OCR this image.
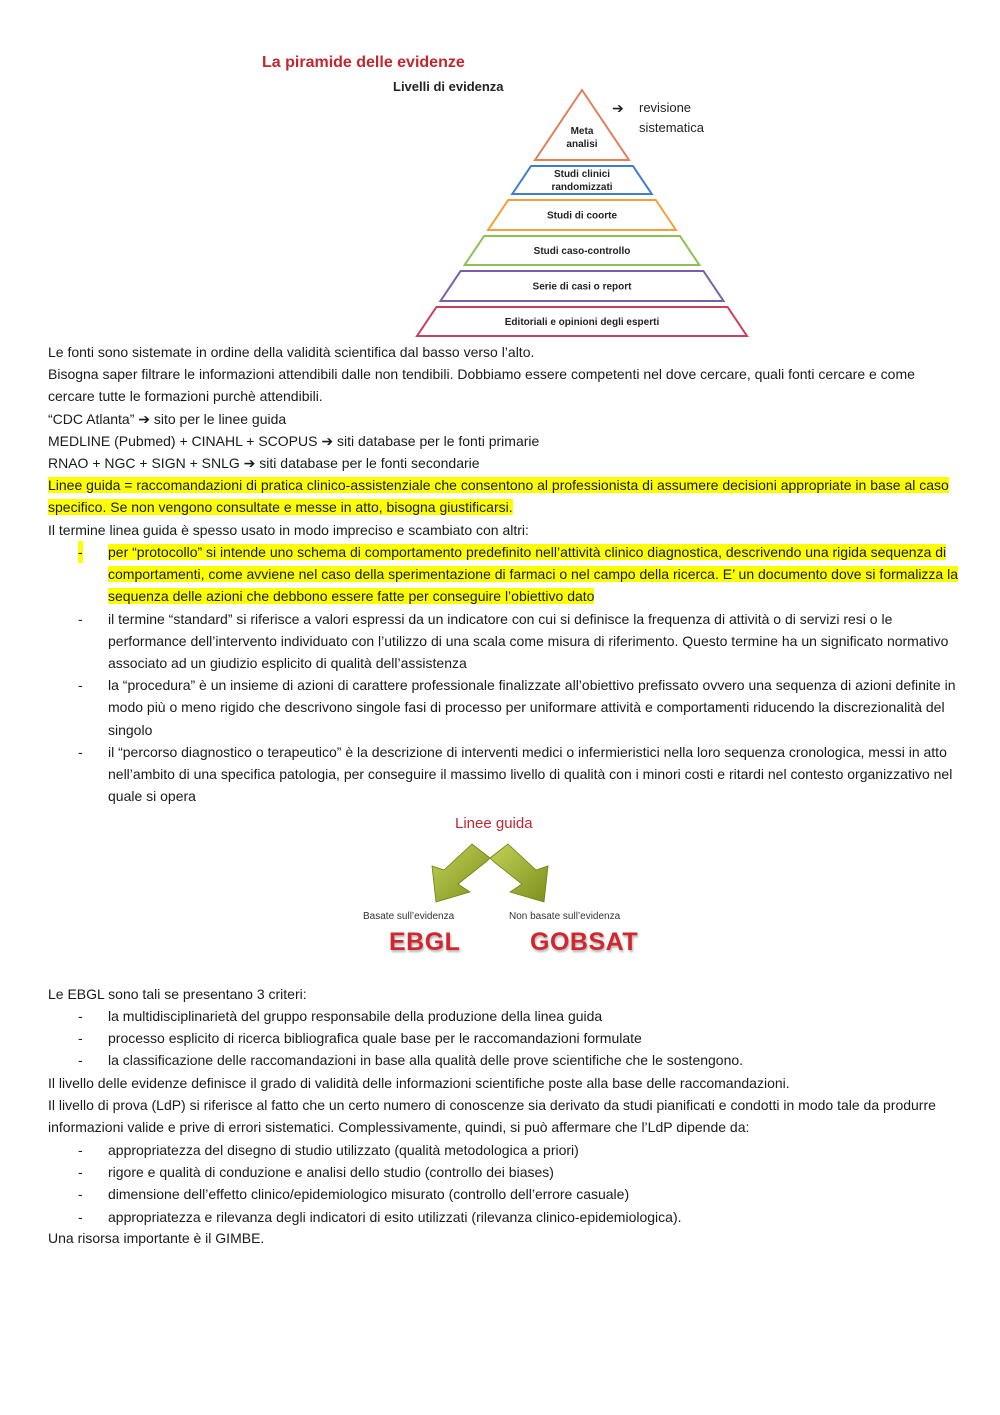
La piramide delle evidenze
Livelli di evidenza
Meta analisi
Studi clinici randomizzati
Studi di coorte
Studi caso-controllo
Serie di casi o report
Editoriali e opinioni degli esperti
➔ revisione sistematica
Le fonti sono sistemate in ordine della validità scientifica dal basso verso l’alto.
Bisogna saper filtrare le informazioni attendibili dalle non tendibili. Dobbiamo essere competenti nel dove cercare, quali fonti cercare e come cercare tutte le formazioni purchè attendibili.
“CDC Atlanta” ➔ sito per le linee guida
MEDLINE (Pubmed) + CINAHL + SCOPUS ➔ siti database per le fonti primarie
RNAO + NGC + SIGN + SNLG ➔ siti database per le fonti secondarie
Linee guida = raccomandazioni di pratica clinico-assistenziale che consentono al professionista di assumere decisioni appropriate in base al caso specifico. Se non vengono consultate e messe in atto, bisogna giustificarsi.
Il termine linea guida è spesso usato in modo impreciso e scambiato con altri:
- per “protocollo” si intende uno schema di comportamento predefinito nell’attività clinico diagnostica, descrivendo una rigida sequenza di comportamenti, come avviene nel caso della sperimentazione di farmaci o nel campo della ricerca. E’ un documento dove si formalizza la sequenza delle azioni che debbono essere fatte per conseguire l’obiettivo dato
- il termine “standard” si riferisce a valori espressi da un indicatore con cui si definisce la frequenza di attività o di servizi resi o le performance dell’intervento individuato con l’utilizzo di una scala come misura di riferimento. Questo termine ha un significato normativo associato ad un giudizio esplicito di qualità dell’assistenza
- la “procedura” è un insieme di azioni di carattere professionale finalizzate all’obiettivo prefissato ovvero una sequenza di azioni definite in modo più o meno rigido che descrivono singole fasi di processo per uniformare attività e comportamenti riducendo la discrezionalità del singolo
- il “percorso diagnostico o terapeutico” è la descrizione di interventi medici o infermieristici nella loro sequenza cronologica, messi in atto nell’ambito di una specifica patologia, per conseguire il massimo livello di qualità con i minori costi e ritardi nel contesto organizzativo nel quale si opera
Linee guida
Basate sull’evidenza	Non basate sull’evidenza
EBGL	GOBSAT
Le EBGL sono tali se presentano 3 criteri:
- la multidisciplinarietà del gruppo responsabile della produzione della linea guida
- processo esplicito di ricerca bibliografica quale base per le raccomandazioni formulate
- la classificazione delle raccomandazioni in base alla qualità delle prove scientifiche che le sostengono.
Il livello delle evidenze definisce il grado di validità delle informazioni scientifiche poste alla base delle raccomandazioni.
Il livello di prova (LdP) si riferisce al fatto che un certo numero di conoscenze sia derivato da studi pianificati e condotti in modo tale da produrre informazioni valide e prive di errori sistematici. Complessivamente, quindi, si può affermare che l’LdP dipende da:
- appropriatezza del disegno di studio utilizzato (qualità metodologica a priori)
- rigore e qualità di conduzione e analisi dello studio (controllo dei biases)
- dimensione dell’effetto clinico/epidemiologico misurato (controllo dell’errore casuale)
- appropriatezza e rilevanza degli indicatori di esito utilizzati (rilevanza clinico-epidemiologica).
Una risorsa importante è il GIMBE.
